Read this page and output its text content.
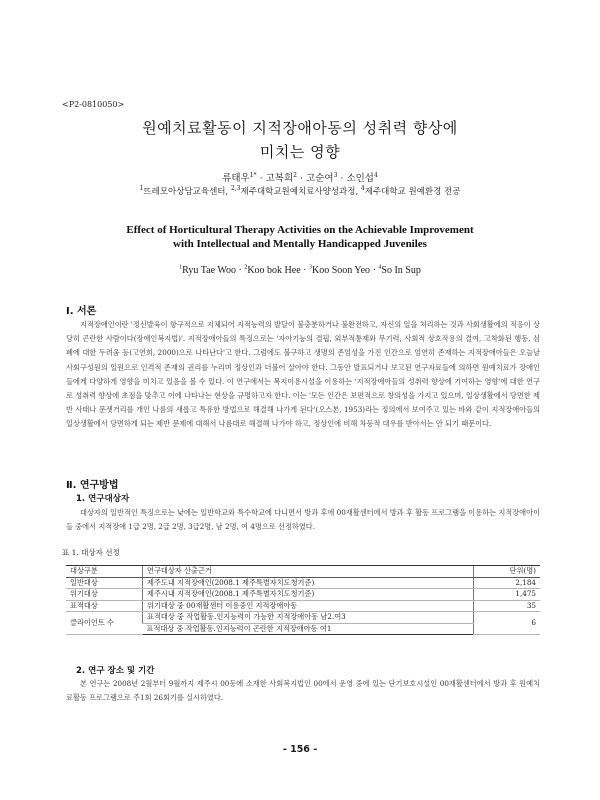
<P2-0810050>
원예치료활동이 지적장애아동의 성취력 향상에
미치는 영향
류태우$^{1*}$ · 고복희$^2$ · 고순여$^3$ · 소인섭$^4$
$^1$뜨레모아상담교육센터, $^{2,3}$제주대학교원예치료사양성과정, $^4$제주대학교 원예환경 전공
Effect of Horticultural Therapy Activities on the Achievable Improvement
with Intellectual and Mentally Handicapped Juveniles
$^1$Ryu Tae Woo · $^2$Koo bok Hee · $^3$Koo Soon Yeo · $^4$So In Sup
Ⅰ. 서론

지적장애인이란 '정신발육이 항구적으로 지체되어 지적능력의 발달이 불충분하거나 불완전하고, 자신의 일을 처리하는 것과 사회생활에의 적응이 상당히 곤란한 사람이다(장애인복지법)'. 지적장애아들의 특징으로는 '자아기능의 결핍, 외부적통제와 무기력, 사회적 상호작용의 결여, 고착화된 행동, 심폐에 대한 두려움 등(고연희, 2000)으로 나타난다'고 한다. 그럼에도 불구하고 생명의 존엄성을 가진 인간으로 엄연히 존재하는 지적장애아들은 오늘날 사회구성원의 일원으로 인격적 존재의 권리를 누리며 정상인과 더불어 살아야 한다. 그동안 발표되거나 보고된 연구자료들에 의하면 원예치료가 장애인들에게 다양하게 영향을 미치고 있음을 볼 수 있다. 이 연구에서는 복지이용시설을 이용하는 '지적장애아들의 성취력 향상에 기여하는 영향'에 대한 연구로 성취력 향상에 초점을 맞추고 이에 나타나는 현상을 규명하고자 한다. 이는 '모든 인간은 보편적으로 창의성을 가지고 있으며, 일상생활에서 당면한 제반 사태나 문젯거리를 개인 나름의 새롭고 특유한 방법으로 해결해 나가게 된다'(오스본, 1953)라는 정의에서 보여주고 있는 바와 같이 지적장애아들의 일상생활에서 당면하게 되는 제반 문제에 대해서 나름대로 해결해 나가야 하고, 정상인에 비해 차등적 대우를 받아서는 안 되기 때문이다.

Ⅱ. 연구방법
1. 연구대상자

대상자의 일반적인 특징으로는 낮에는 일반학교와 특수학교에 다니면서 방과 후에 00재활센터에서 방과 후 활동 프로그램을 이용하는 지적장애아이들 중에서 지적장애 1급 2명, 2급 2명, 3급2명, 남 2명, 여 4명으로 선정하였다.

표 1. 대상자 선정
대상구분	연구대상자 산출근거	단위(명)
일반대상	제주도내 지적장애인(2008.1 제주특별자치도청기준)	2,184
위기대상	제주시내 지적장애인(2008.1 제주특별자치도청기준)	1,475
표적대상	위기대상 중 00재활센터 이용중인 지적장애아동	35
클라이언트 수	표적대상 중 작업활동.인지능력이 가능한 지적장애아동 남2.여3	6
	표적대상 중 작업활동.인지능력이 곤란한 지적장애아동 여1	
2. 연구 장소 및 기간

본 연구는 2008년 2월부터 9월까지 제주시 00동에 소재한 사회복지법인 00에서 운영 중에 있는 단기보호시설인 00재활센터에서 방과 후 원예치료활동 프로그램으로 주1회 26회기를 실시하였다.

- 156 -
